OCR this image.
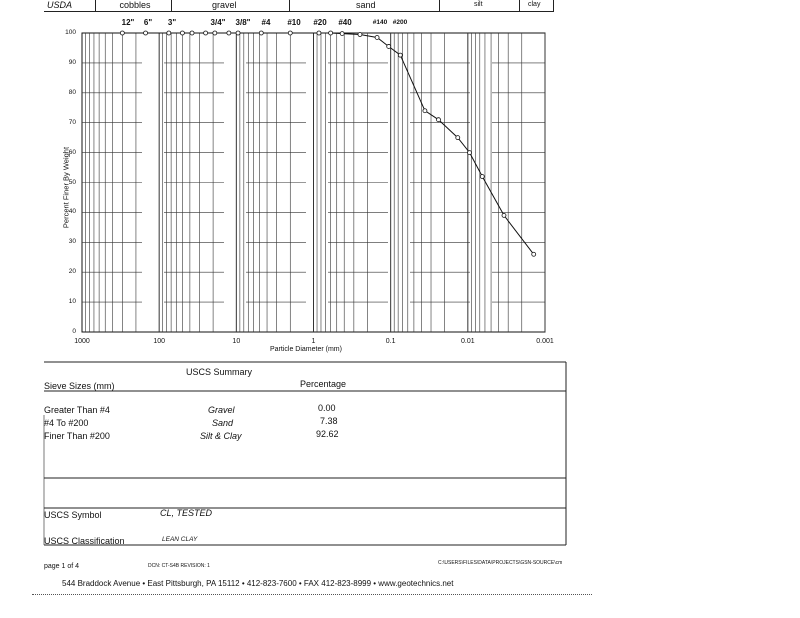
USDA	cobbles	gravel	sand	silt	clay
12" 6" 3"	3/4" 3/8" #4 #10 #20 #40	#140 #200
Percent Finer By Weight
0
10
20
30
40
50
60
70
80
90
100
1000	100	10	1	0.1	0.01	0.001
Particle Diameter (mm)
USCS Summary
Sieve Sizes (mm)	Percentage
Greater Than #4	Gravel	0.00
#4 To #200	Sand	7.38
Finer Than #200	Silt & Clay	92.62
USCS Symbol	CL, TESTED
USCS Classification	LEAN CLAY
page 1 of 4	DCN: CT-S4B REVISION: 1	C:\USERS\FILES\DATA\PROJECTS\GSN-SOURCE\cm
544 Braddock Avenue • East Pittsburgh, PA 15112 • 412-823-7600 • FAX 412-823-8999 • www.geotechnics.net
